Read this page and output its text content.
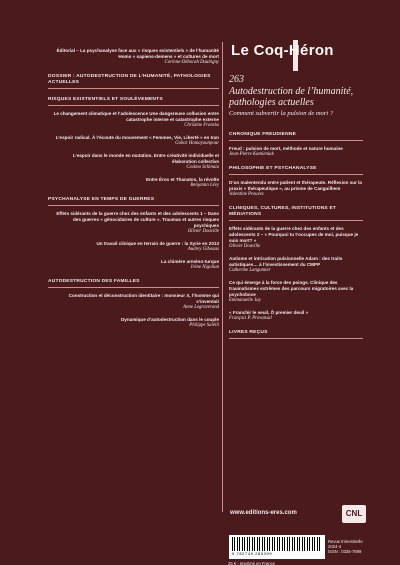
Éditorial – La psychanalyse face aux « risques existentiels » de l’humanité Homo « sapiens-demens » et cultures de mort
Corinne-Déborah Daubigny
DOSSIER : AUTODESTRUCTION DE L’HUMANITÉ, PATHOLOGIES ACTUELLES
RISQUES EXISTENTIELS ET SOULÈVEMENTS
Le changement climatique et l’adolescence Une dangereuse collusion entre catastrophe interne et catastrophe externe
Christine Francks
L’espoir radical. À l’écoute du mouvement « Femmes, Vie, Liberté » en Iran
Gohar Homayounpour
L’espoir dans le monde en mutation. Entre créativité individuelle et élaboration collective
Cosimo Schinaia
Entre Éros et Thanatos, la révolte
Benjamin Lévy
PSYCHANALYSE EN TEMPS DE GUERRES
Effets sidérants de la guerre chez des enfants et des adolescents 1 – Dans des guerres « génocidaires de culture ». Traumas et autres risques psychiques
Olivier Douville
Un travail clinique en terrain de guerre : la Syrie en 2013
Audrey Gibeaux
La chimère arméno-turque
Irène Nigolian
AUTODESTRUCTION DES FAMILLES
Construction et déconstruction identitaire : monsieur X, l’homme qui s’inventait
Anne Legraverand
Dynamique d’autodestruction dans le couple
Philippe Salelli
Le Coq-Héron
263
Autodestruction de l’humanité, pathologies actuelles
Comment subvertir la pulsion de mort ?
CHRONIQUE FREUDIENNE
Freud : pulsion de mort, méthode et nature humaine
Jean-Pierre Kamieniak
PHILOSOPHIE ET PSYCHANALYSE
D’un malentendu entre patient et thérapeute. Réflexion sur la praxis « thérapeutique », au prisme de Canguilhem
Valentine Prouvez
CLINIQUES, CULTURES, INSTITUTIONS ET MÉDIATIONS
Effets sidérants de la guerre chez des enfants et des adolescents 2 – « Pourquoi tu t’occupes de moi, puisque je suis mort? »
Olivier Douville
Autisme et intrication pulsionnelle Adam : des traits autistiques… à l’investissement du CMPP
Catherine Langumier
Ce qui émerge à la force des poings. Clinique des traumatismes extrêmes des parcours migratoires avec la psychoboxe
Emmanuelle Jay
« Franchir le seuil, Ô premier deuil »
François P. Provansal
LIVRES REÇUS
www.editions-eres.com	CNL
9 782749 285399
Revue trimestrielle
2024-4
ISSN : 0335-7899
25 € - Imprimé en France
